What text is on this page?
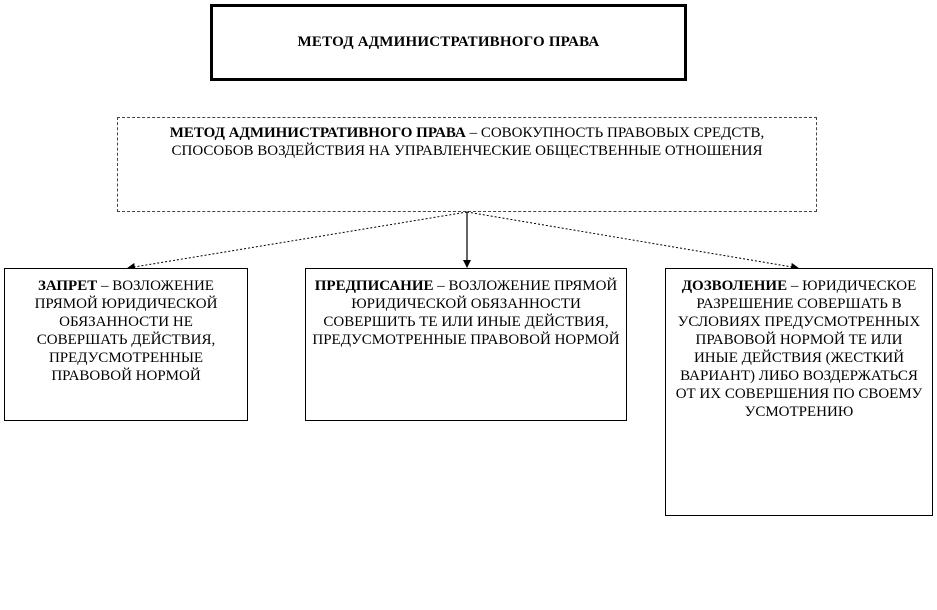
МЕТОД АДМИНИСТРАТИВНОГО ПРАВА
МЕТОД АДМИНИСТРАТИВНОГО ПРАВА – СОВОКУПНОСТЬ ПРАВОВЫХ СРЕДСТВ, СПОСОБОВ ВОЗДЕЙСТВИЯ НА УПРАВЛЕНЧЕСКИЕ ОБЩЕСТВЕННЫЕ ОТНОШЕНИЯ
ЗАПРЕТ – ВОЗЛОЖЕНИЕ ПРЯМОЙ ЮРИДИЧЕСКОЙ ОБЯЗАННОСТИ НЕ СОВЕРШАТЬ ДЕЙСТВИЯ, ПРЕДУСМОТРЕННЫЕ ПРАВОВОЙ НОРМОЙ
ПРЕДПИСАНИЕ – ВОЗЛОЖЕНИЕ ПРЯМОЙ ЮРИДИЧЕСКОЙ ОБЯЗАННОСТИ СОВЕРШИТЬ ТЕ ИЛИ ИНЫЕ ДЕЙСТВИЯ, ПРЕДУСМОТРЕННЫЕ ПРАВОВОЙ НОРМОЙ
ДОЗВОЛЕНИЕ – ЮРИДИЧЕСКОЕ РАЗРЕШЕНИЕ СОВЕРШАТЬ В УСЛОВИЯХ ПРЕДУСМОТРЕННЫХ ПРАВОВОЙ НОРМОЙ ТЕ ИЛИ ИНЫЕ ДЕЙСТВИЯ (ЖЕСТКИЙ ВАРИАНТ) ЛИБО ВОЗДЕРЖАТЬСЯ ОТ ИХ СОВЕРШЕНИЯ ПО СВОЕМУ УСМОТРЕНИЮ
